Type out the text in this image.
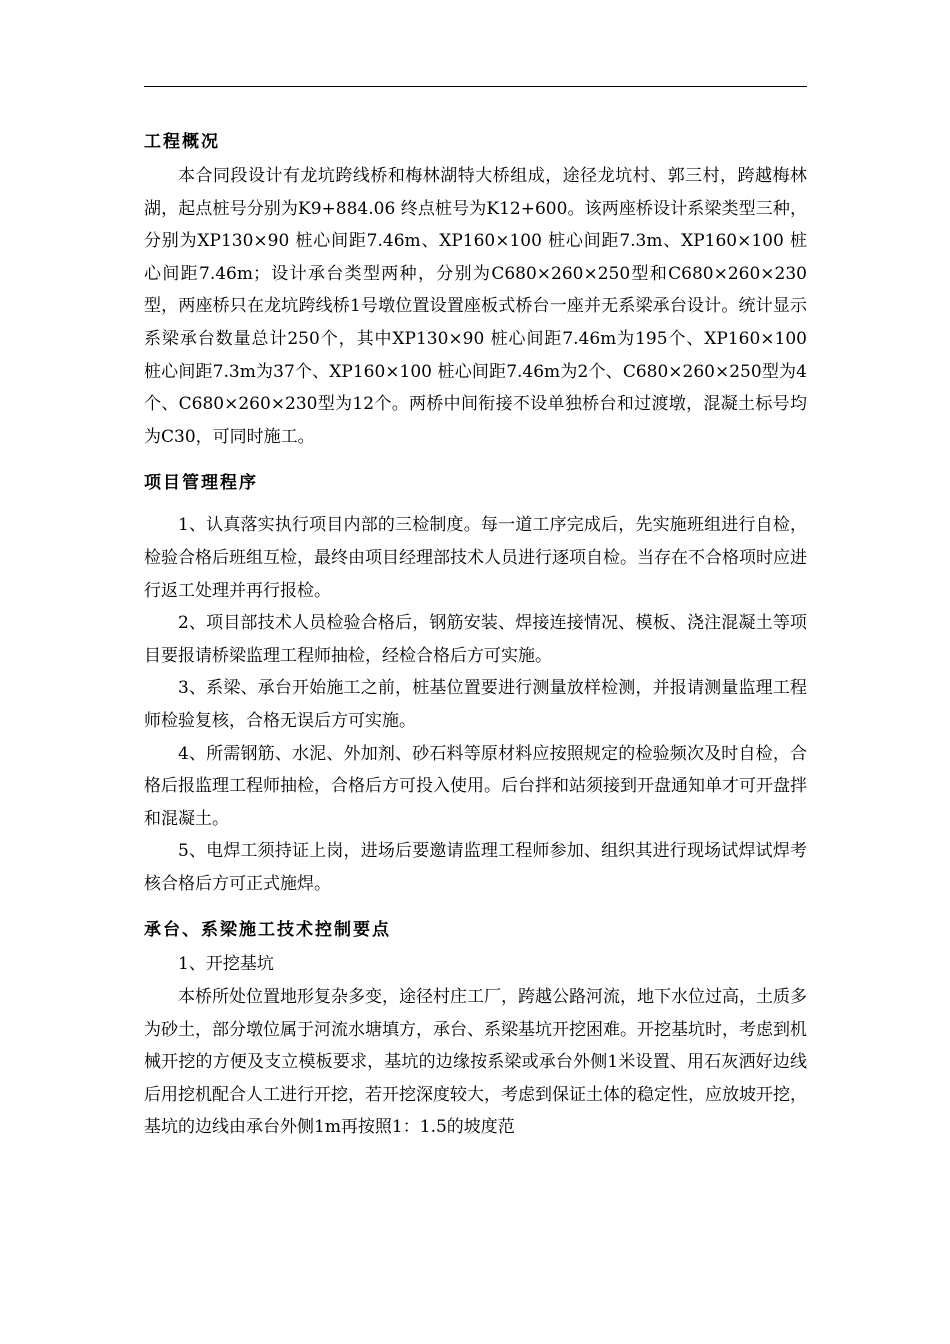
工程概况

本合同段设计有龙坑跨线桥和梅林湖特大桥组成，途径龙坑村、郭三村，跨越梅林湖，起点桩号分别为K9+884.06 终点桩号为K12+600。该两座桥设计系梁类型三种，分别为XP130×90 桩心间距7.46m、XP160×100 桩心间距7.3m、XP160×100 桩心间距7.46m；设计承台类型两种，分别为C680×260×250型和C680×260×230型，两座桥只在龙坑跨线桥1号墩位置设置座板式桥台一座并无系梁承台设计。统计显示系梁承台数量总计250个，其中XP130×90 桩心间距7.46m为195个、XP160×100 桩心间距7.3m为37个、XP160×100 桩心间距7.46m为2个、C680×260×250型为4个、C680×260×230型为12个。两桥中间衔接不设单独桥台和过渡墩，混凝土标号均为C30，可同时施工。

项目管理程序

1、认真落实执行项目内部的三检制度。每一道工序完成后，先实施班组进行自检，检验合格后班组互检，最终由项目经理部技术人员进行逐项自检。当存在不合格项时应进行返工处理并再行报检。

2、项目部技术人员检验合格后，钢筋安装、焊接连接情况、模板、浇注混凝土等项目要报请桥梁监理工程师抽检，经检合格后方可实施。

3、系梁、承台开始施工之前，桩基位置要进行测量放样检测，并报请测量监理工程师检验复核，合格无误后方可实施。

4、所需钢筋、水泥、外加剂、砂石料等原材料应按照规定的检验频次及时自检，合格后报监理工程师抽检，合格后方可投入使用。后台拌和站须接到开盘通知单才可开盘拌和混凝土。

5、电焊工须持证上岗，进场后要邀请监理工程师参加、组织其进行现场试焊试焊考核合格后方可正式施焊。

承台、系梁施工技术控制要点

1、开挖基坑

本桥所处位置地形复杂多变，途径村庄工厂，跨越公路河流，地下水位过高，土质多为砂土，部分墩位属于河流水塘填方，承台、系梁基坑开挖困难。开挖基坑时，考虑到机械开挖的方便及支立模板要求，基坑的边缘按系梁或承台外侧1米设置、用石灰洒好边线后用挖机配合人工进行开挖，若开挖深度较大，考虑到保证土体的稳定性，应放坡开挖，基坑的边线由承台外侧1m再按照1：1.5的坡度范
